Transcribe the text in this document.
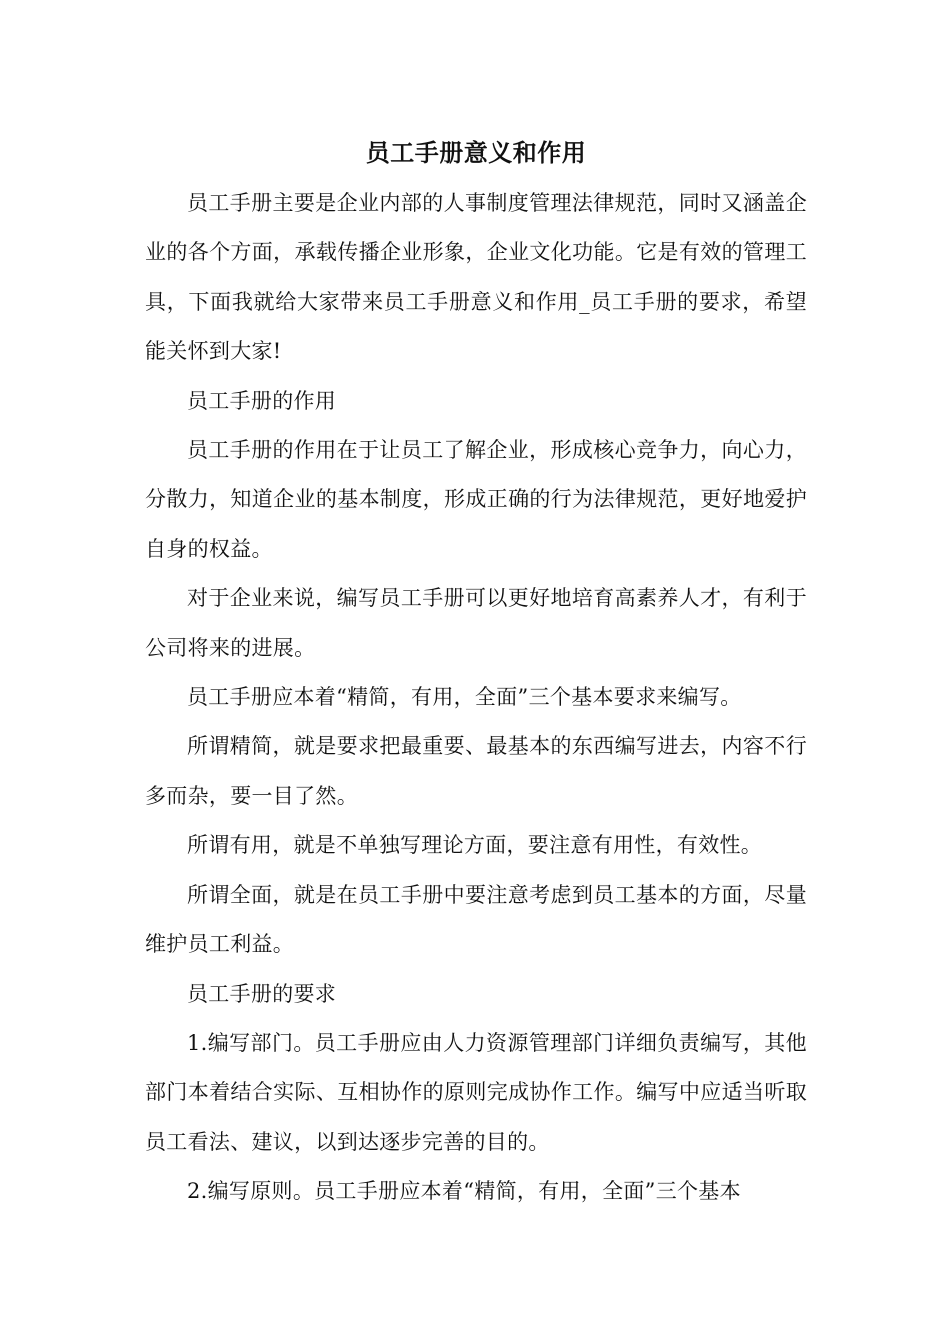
员工手册意义和作用

员工手册主要是企业内部的人事制度管理法律规范，同时又涵盖企业的各个方面，承载传播企业形象，企业文化功能。它是有效的管理工具，下面我就给大家带来员工手册意义和作用_员工手册的要求，希望能关怀到大家!

员工手册的作用

员工手册的作用在于让员工了解企业，形成核心竞争力，向心力，分散力，知道企业的基本制度，形成正确的行为法律规范，更好地爱护自身的权益。

对于企业来说，编写员工手册可以更好地培育高素养人才，有利于公司将来的进展。

员工手册应本着“精简，有用，全面”三个基本要求来编写。

所谓精简，就是要求把最重要、最基本的东西编写进去，内容不行多而杂，要一目了然。

所谓有用，就是不单独写理论方面，要注意有用性，有效性。

所谓全面，就是在员工手册中要注意考虑到员工基本的方面，尽量维护员工利益。

员工手册的要求

1.编写部门。员工手册应由人力资源管理部门详细负责编写，其他部门本着结合实际、互相协作的原则完成协作工作。编写中应适当听取员工看法、建议，以到达逐步完善的目的。

2.编写原则。员工手册应本着“精简，有用，全面”三个基本
